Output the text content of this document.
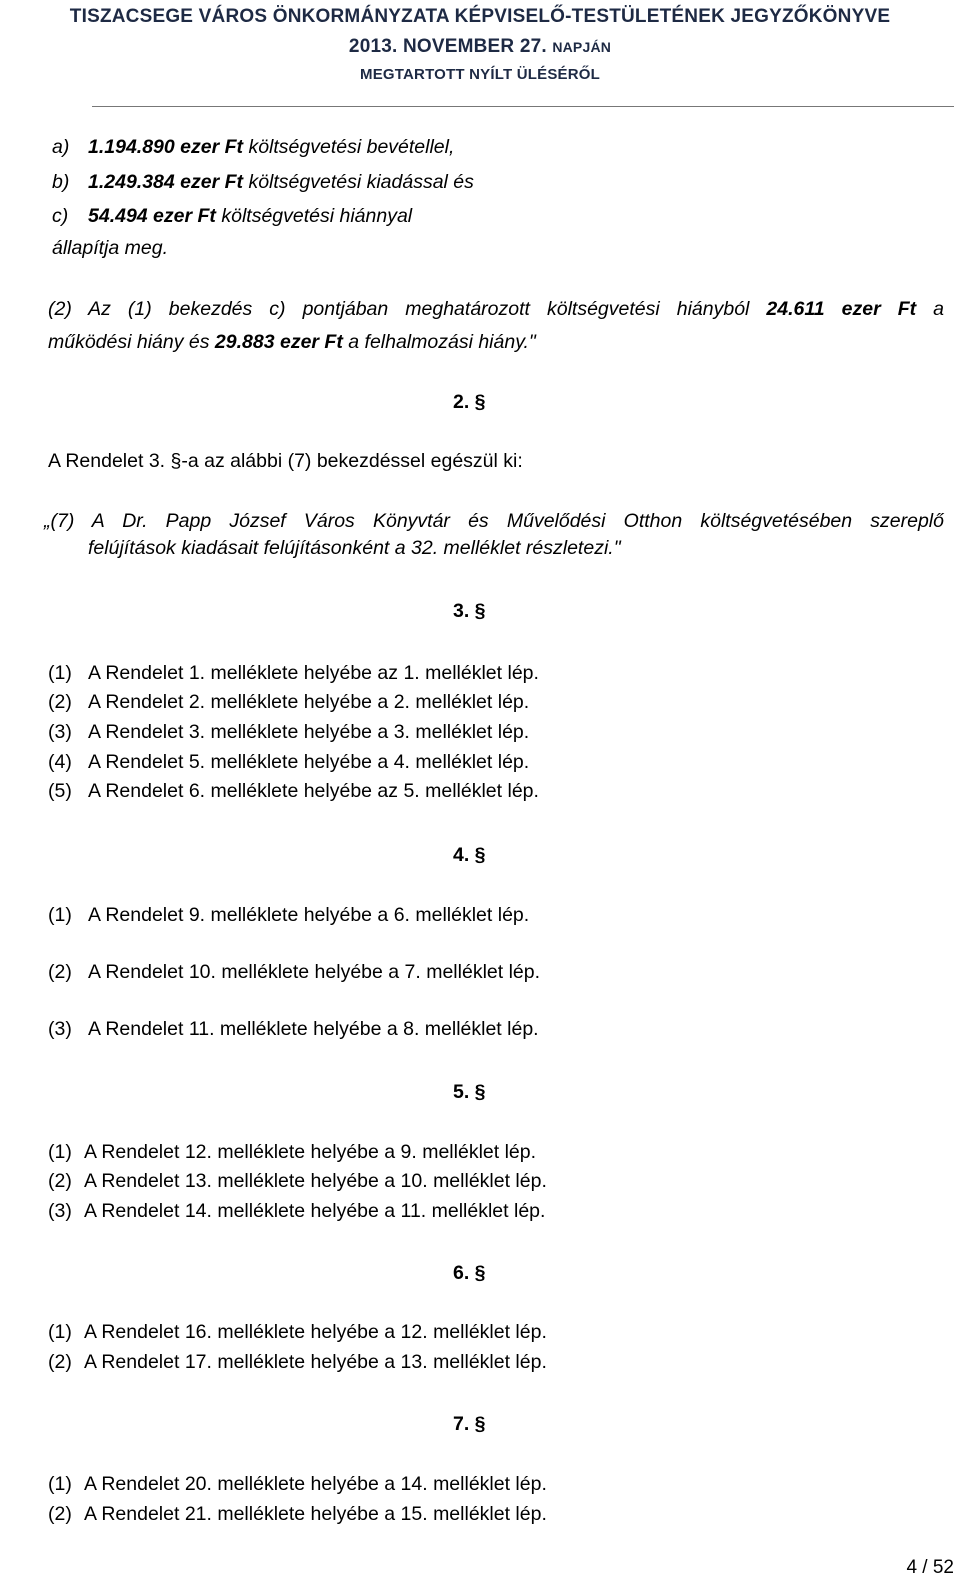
TISZACSEGE VÁROS ÖNKORMÁNYZATA KÉPVISELŐ-TESTÜLETÉNEK JEGYZŐKÖNYVE
2013. NOVEMBER 27. NAPJÁN
MEGTARTOTT NYÍLT ÜLÉSÉRŐL
a) 1.194.890 ezer Ft költségvetési bevétellel,
b) 1.249.384 ezer Ft költségvetési kiadással és
c) 54.494 ezer Ft költségvetési hiánnyal
állapítja meg.
(2) Az (1) bekezdés c) pontjában meghatározott költségvetési hiányból 24.611 ezer Ft a
működési hiány és 29.883 ezer Ft a felhalmozási hiány."
2. §
A Rendelet 3. §-a az alábbi (7) bekezdéssel egészül ki:
„(7) A Dr. Papp József Város Könyvtár és Művelődési Otthon költségvetésében szereplő
felújítások kiadásait felújításonként a 32. melléklet részletezi."
3. §
(1) A Rendelet 1. melléklete helyébe az 1. melléklet lép.
(2) A Rendelet 2. melléklete helyébe a 2. melléklet lép.
(3) A Rendelet 3. melléklete helyébe a 3. melléklet lép.
(4) A Rendelet 5. melléklete helyébe a 4. melléklet lép.
(5) A Rendelet 6. melléklete helyébe az 5. melléklet lép.
4. §
(1) A Rendelet 9. melléklete helyébe a 6. melléklet lép.
(2) A Rendelet 10. melléklete helyébe a 7. melléklet lép.
(3) A Rendelet 11. melléklete helyébe a 8. melléklet lép.
5. §
(1) A Rendelet 12. melléklete helyébe a 9. melléklet lép.
(2) A Rendelet 13. melléklete helyébe a 10. melléklet lép.
(3) A Rendelet 14. melléklete helyébe a 11. melléklet lép.
6. §
(1) A Rendelet 16. melléklete helyébe a 12. melléklet lép.
(2) A Rendelet 17. melléklete helyébe a 13. melléklet lép.
7. §
(1) A Rendelet 20. melléklete helyébe a 14. melléklet lép.
(2) A Rendelet 21. melléklete helyébe a 15. melléklet lép.
4 / 52
